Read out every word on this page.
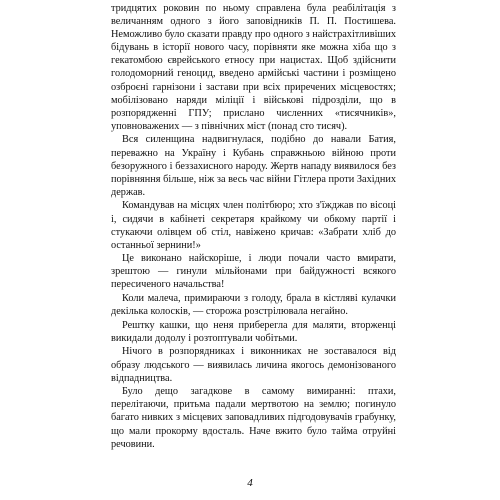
тридцятих роковин по ньому справлена була реабілітація з величанням одного з його заповідників П. П. Постишева. Неможливо було сказати правду про одного з найстрахітливіших бідувань в історії нового часу, порівняти яке можна хіба що з гекатомбою єврейського етносу при нацистах. Щоб здійснити голодоморний геноцид, введено армійські частини і розміщено озброєні гарнізони і застави при всіх приречених місцевостях; мобілізовано наряди міліції і військові підрозділи, що в розпорядженні ГПУ; прислано численних «тисячників», уповноважених — з північних міст (понад сто тисяч).

Вся силенщина надвигнулася, подібно до навали Батия, переважно на Україну і Кубань справжньою війною проти безоружного і беззахисного народу. Жертв нападу виявилося без порівняння більше, ніж за весь час війни Гітлера проти Західних держав.

Командував на місцях член політбюро; хто з'їжджав по вісоці і, сидячи в кабінеті секретаря крайкому чи обкому партії і стукаючи олівцем об стіл, навіжено кричав: «Забрати хліб до останньої зернини!»

Це виконано найскоріше, і люди почали часто вмирати, зрештою — гинули мільйонами при байдужності всякого пересиченого начальства!

Коли малеча, примираючи з голоду, брала в кістляві кулачки декілька колосків, — сторожа розстрілювала негайно.

Рештку кашки, що неня приберегла для маляти, вторженці викидали додолу і розтоптували чобітьми.

Нічого в розпорядниках і виконниках не зоставалося від образу людського — виявилась личина якогось демонізованого відпадництва.

Було дещо загадкове в самому вимиранні: птахи, перелітаючи, притьма падали мертвотою на землю; погинуло багато нивких з місцевих заповадливих підгодовувачів грабунку, що мали прокорму вдосталь. Наче вжито було тайма отруйні речовини.

4
